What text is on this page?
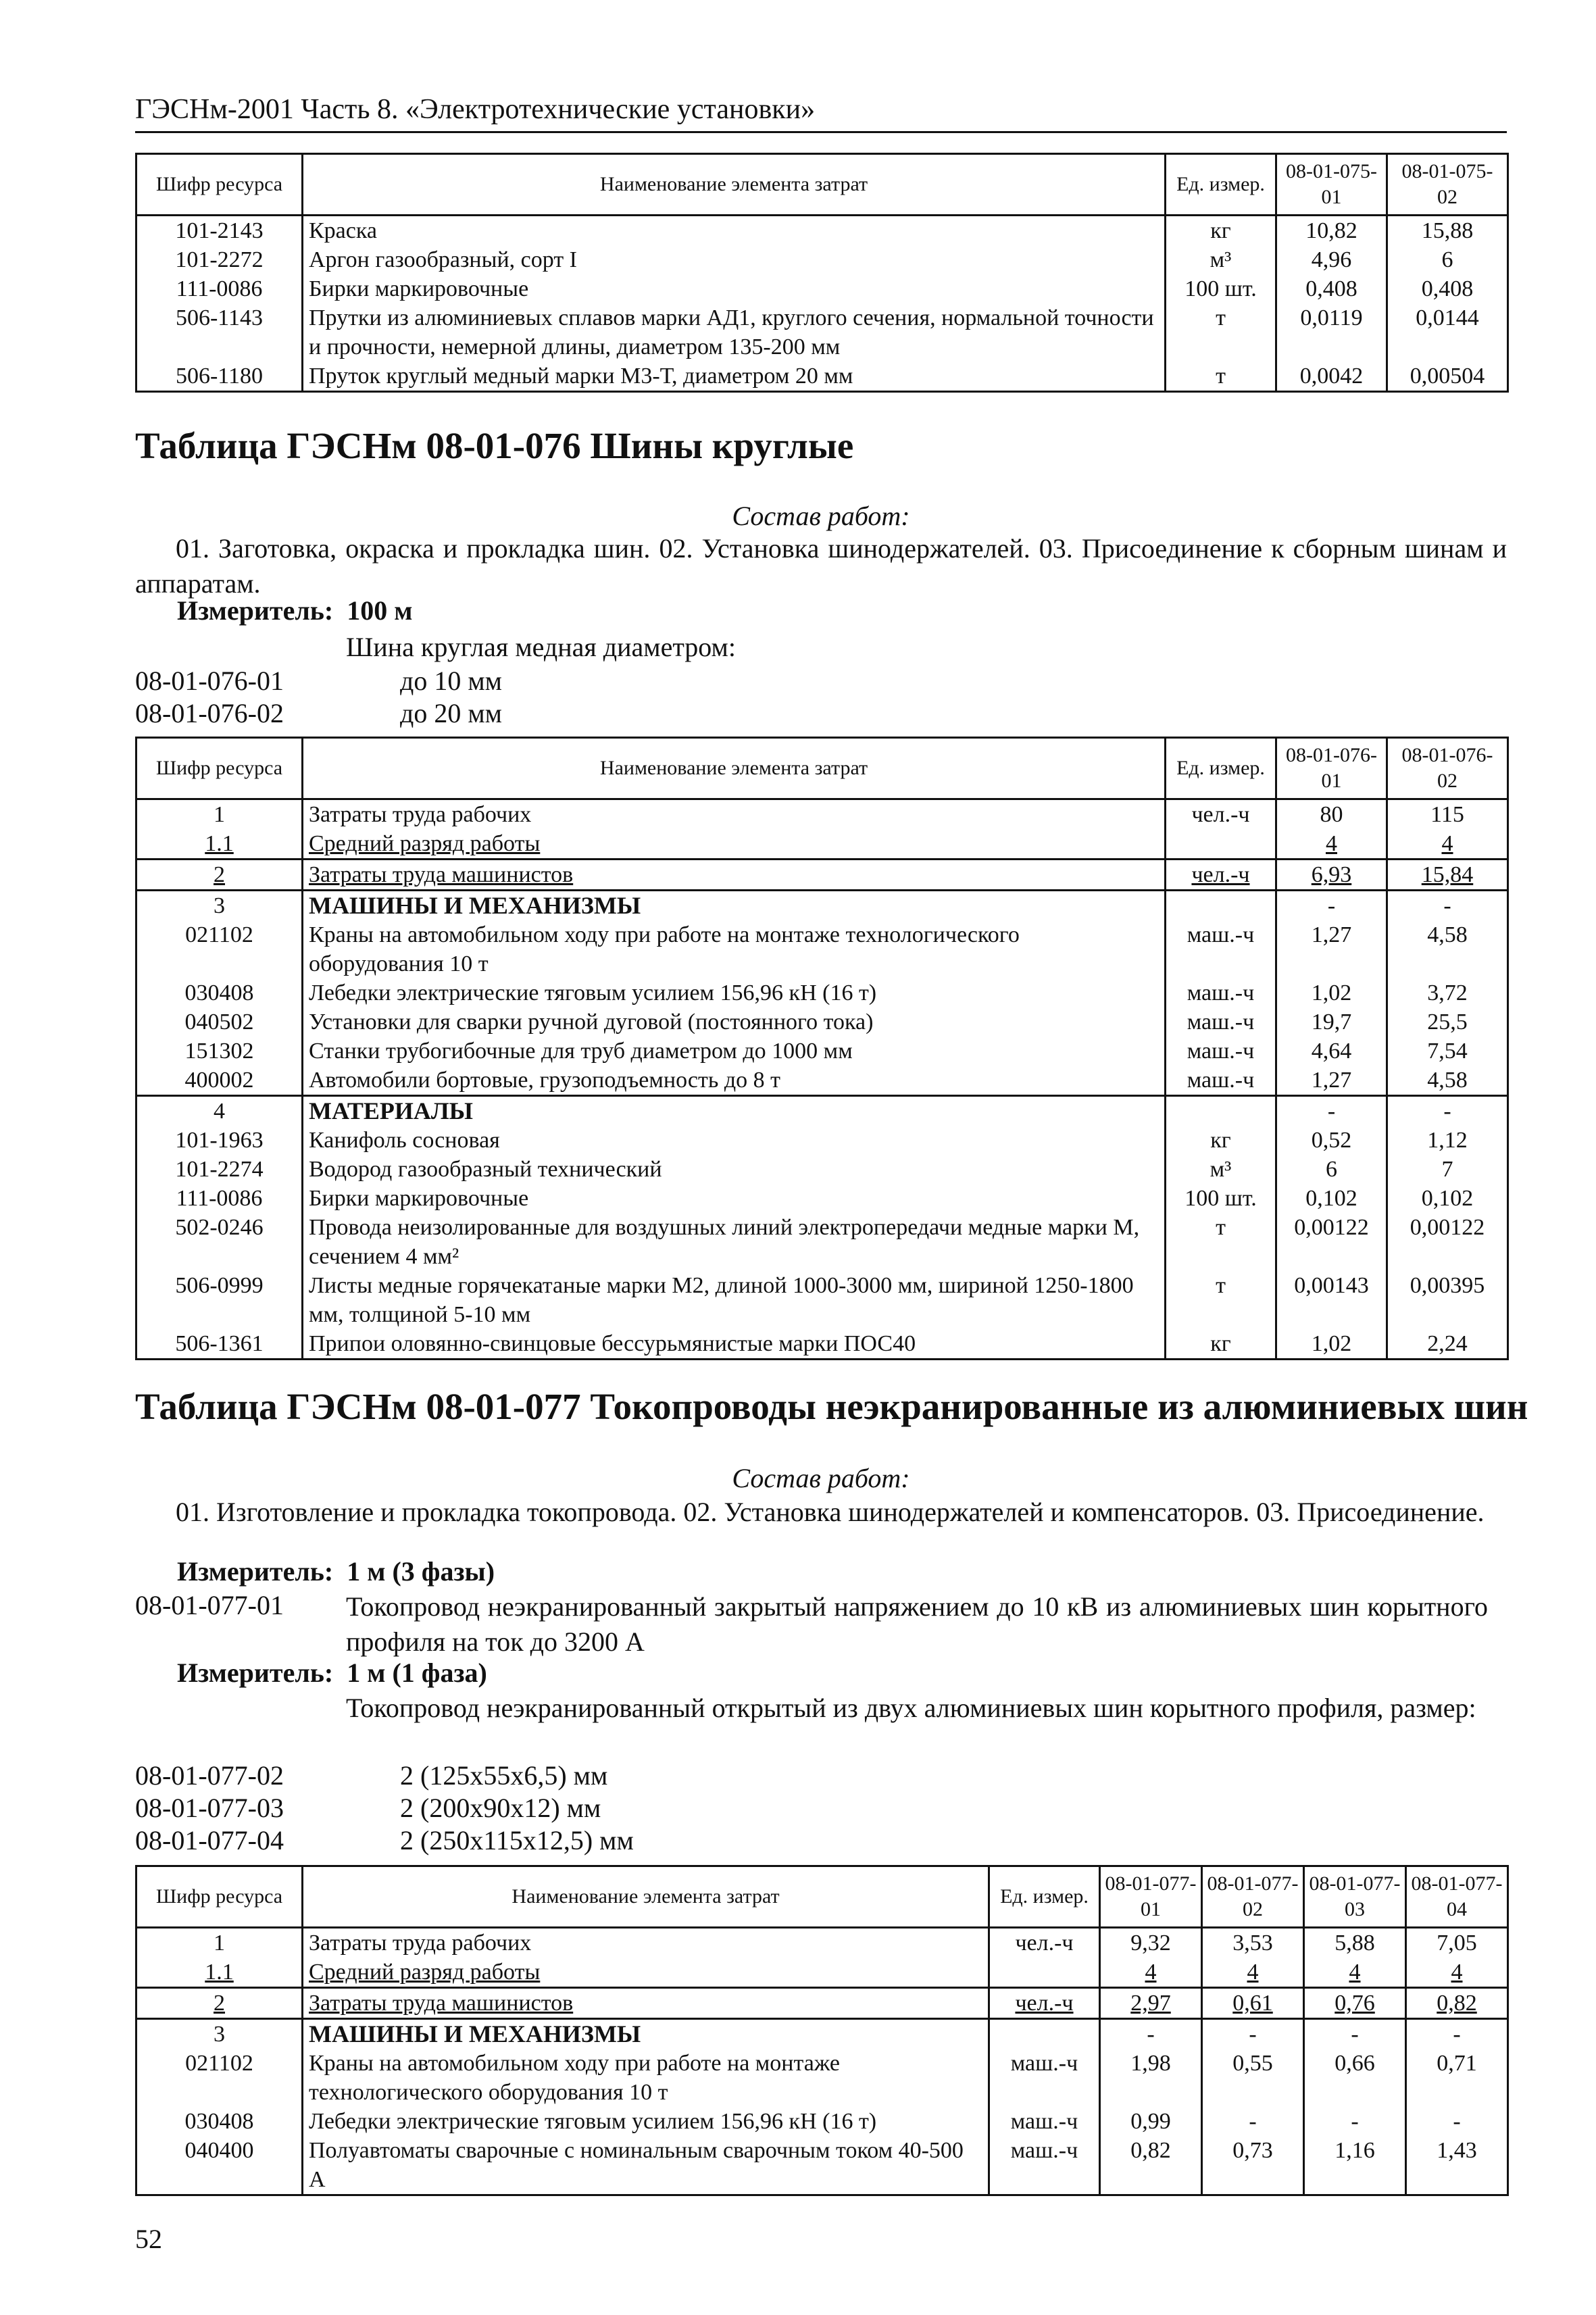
ГЭСНм-2001 Часть 8. «Электротехнические установки»
Шифр ресурса	Наименование элемента затрат	Ед. измер.	08-01-075-01	08-01-075-02
101-2143	Краска	кг	10,82	15,88
101-2272	Аргон газообразный, сорт I	м³	4,96	6
111-0086	Бирки маркировочные	100 шт.	0,408	0,408
506-1143	Прутки из алюминиевых сплавов марки АД1, круглого сечения, нормальной точности и прочности, немерной длины, диаметром 135-200 мм	т	0,0119	0,0144
506-1180	Пруток круглый медный марки М3-Т, диаметром 20 мм	т	0,0042	0,00504
Таблица ГЭСНм 08-01-076 Шины круглые
Состав работ:
01. Заготовка, окраска и прокладка шин. 02. Установка шинодержателей. 03. Присоединение к сборным шинам и аппаратам.
Измеритель: 100 м
Шина круглая медная диаметром:
08-01-076-01	до 10 мм
08-01-076-02	до 20 мм
Шифр ресурса	Наименование элемента затрат	Ед. измер.	08-01-076-01	08-01-076-02
1	Затраты труда рабочих	чел.-ч	80	115
1.1	Средний разряд работы		4	4
2	Затраты труда машинистов	чел.-ч	6,93	15,84
3	МАШИНЫ И МЕХАНИЗМЫ		-	-
021102	Краны на автомобильном ходу при работе на монтаже технологического оборудования 10 т	маш.-ч	1,27	4,58
030408	Лебедки электрические тяговым усилием 156,96 кН (16 т)	маш.-ч	1,02	3,72
040502	Установки для сварки ручной дуговой (постоянного тока)	маш.-ч	19,7	25,5
151302	Станки трубогибочные для труб диаметром до 1000 мм	маш.-ч	4,64	7,54
400002	Автомобили бортовые, грузоподъемность до 8 т	маш.-ч	1,27	4,58
4	МАТЕРИАЛЫ		-	-
101-1963	Канифоль сосновая	кг	0,52	1,12
101-2274	Водород газообразный технический	м³	6	7
111-0086	Бирки маркировочные	100 шт.	0,102	0,102
502-0246	Провода неизолированные для воздушных линий электропередачи медные марки М, сечением 4 мм²	т	0,00122	0,00122
506-0999	Листы медные горячекатаные марки М2, длиной 1000-3000 мм, шириной 1250-1800 мм, толщиной 5-10 мм	т	0,00143	0,00395
506-1361	Припои оловянно-свинцовые бессурьмянистые марки ПОС40	кг	1,02	2,24
Таблица ГЭСНм 08-01-077 Токопроводы неэкранированные из алюминиевых шин
Состав работ:
01. Изготовление и прокладка токопровода. 02. Установка шинодержателей и компенсаторов. 03. Присоединение.
Измеритель: 1 м (3 фазы)
08-01-077-01 Токопровод неэкранированный закрытый напряжением до 10 кВ из алюминиевых шин корытного профиля на ток до 3200 А
Измеритель: 1 м (1 фаза)
Токопровод неэкранированный открытый из двух алюминиевых шин корытного профиля, размер:
08-01-077-02	2 (125x55x6,5) мм
08-01-077-03	2 (200x90x12) мм
08-01-077-04	2 (250x115x12,5) мм
Шифр ресурса	Наименование элемента затрат	Ед. измер.	08-01-077-01	08-01-077-02	08-01-077-03	08-01-077-04
1	Затраты труда рабочих	чел.-ч	9,32	3,53	5,88	7,05
1.1	Средний разряд работы		4	4	4	4
2	Затраты труда машинистов	чел.-ч	2,97	0,61	0,76	0,82
3	МАШИНЫ И МЕХАНИЗМЫ		-	-	-	-
021102	Краны на автомобильном ходу при работе на монтаже технологического оборудования 10 т	маш.-ч	1,98	0,55	0,66	0,71
030408	Лебедки электрические тяговым усилием 156,96 кН (16 т)	маш.-ч	0,99	-	-	-
040400	Полуавтоматы сварочные с номинальным сварочным током 40-500 А	маш.-ч	0,82	0,73	1,16	1,43
52
